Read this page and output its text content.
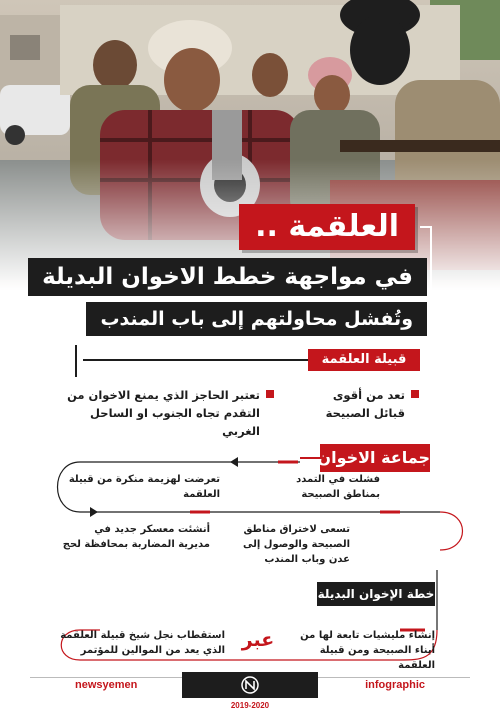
العلقمة ..
في مواجهة خطط الاخوان البديلة
وتُفشل محاولتهم إلى باب المندب
قبيلة العلقمة
تعد من أقوى قبائل الصبيحة
تعتبر الحاجز الذي يمنع الاخوان من التقدم تجاه الجنوب او الساحل الغربي
جماعة الاخوان
فشلت في التمدد بمناطق الصبيحة
تعرضت لهزيمة منكرة من قبيلة العلقمة
تسعى لاختراق مناطق الصبيحة والوصول إلى عدن وباب المندب
أنشئت معسكر جديد في مديرية المضاربة بمحافظة لحج
خطة الإخوان البديلة
إنشاء مليشيات تابعة لها من أبناء الصبيحة ومن قبيلة العلقمة
عبر
استقطاب نجل شيخ قبيلة العلقمة الذي يعد من الموالين للمؤتمر
newsyemen	infographic
2019-2020
